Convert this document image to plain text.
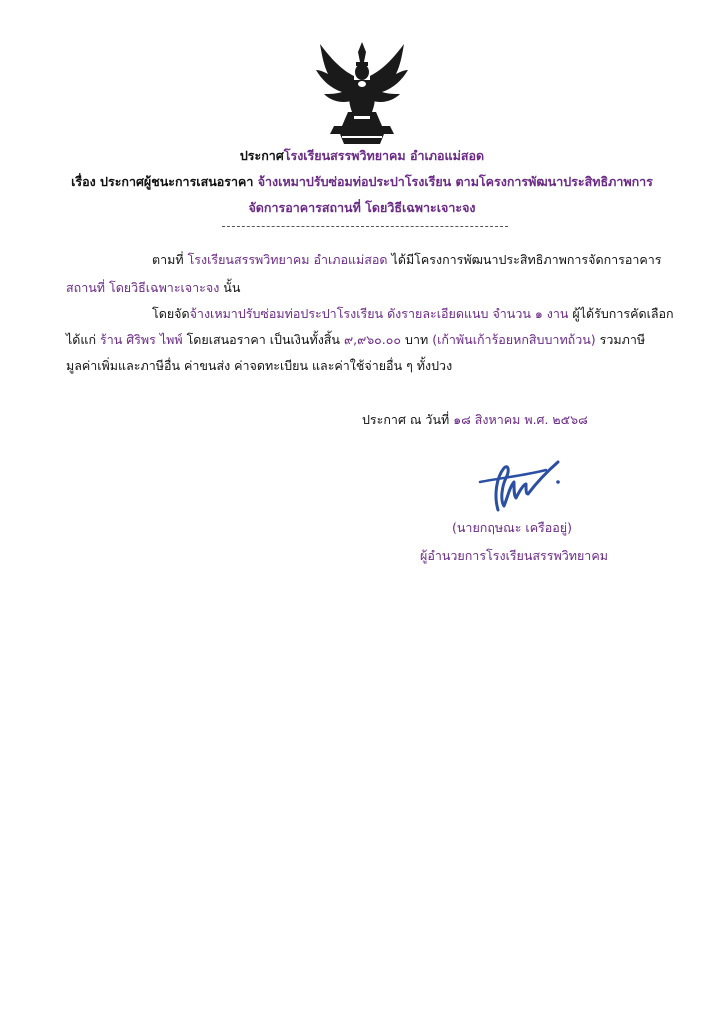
ประกาศโรงเรียนสรรพวิทยาคม อำเภอแม่สอด
เรื่อง ประกาศผู้ชนะการเสนอราคา จ้างเหมาปรับซ่อมท่อประปาโรงเรียน ตามโครงการพัฒนาประสิทธิภาพการ
จัดการอาคารสถานที่ โดยวิธีเฉพาะเจาะจง
ตามที่ โรงเรียนสรรพวิทยาคม อำเภอแม่สอด ได้มีโครงการพัฒนาประสิทธิภาพการจัดการอาคาร
สถานที่ โดยวิธีเฉพาะเจาะจง นั้น
โดยจัดจ้างเหมาปรับซ่อมท่อประปาโรงเรียน ดังรายละเอียดแนบ จำนวน ๑ งาน ผู้ได้รับการคัดเลือก
ได้แก่ ร้าน ศิริพร ไพพ์ โดยเสนอราคา เป็นเงินทั้งสิ้น ๙,๙๖๐.๐๐ บาท (เก้าพันเก้าร้อยหกสิบบาทถ้วน) รวมภาษี
มูลค่าเพิ่มและภาษีอื่น ค่าขนส่ง ค่าจดทะเบียน และค่าใช้จ่ายอื่น ๆ ทั้งปวง
ประกาศ ณ วันที่ ๑๘ สิงหาคม พ.ศ. ๒๕๖๘
(นายกฤษณะ เครืออยู่)
ผู้อำนวยการโรงเรียนสรรพวิทยาคม
